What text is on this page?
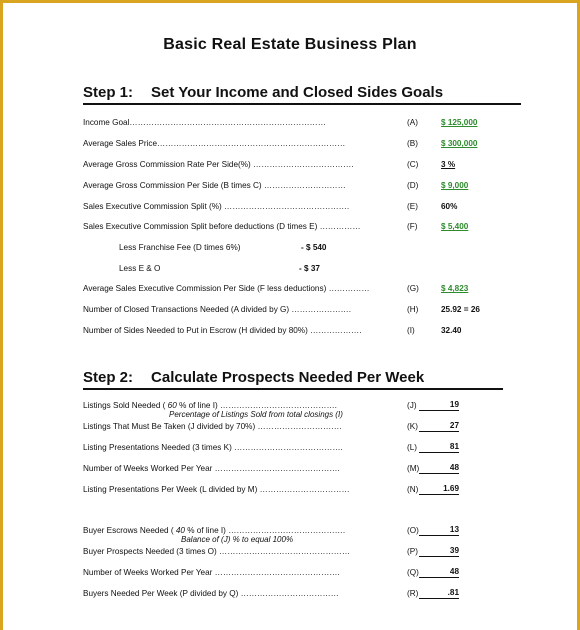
Basic Real Estate Business Plan
Step 1: Set Your Income and Closed Sides Goals
Income Goal………………………………………………………………	(A)	$ 125,000
Average Sales Price……………………………………………………………	(B)	$ 300,000
Average Gross Commission Rate Per Side(%) ……………………………….	(C)	3 %
Average Gross Commission Per Side (B times C) …………………………	(D)	$ 9,000
Sales Executive Commission Split (%) ……………………………………….	(E)	60%
Sales Executive Commission Split before deductions (D times E) ……………	(F)	$ 5,400
Less Franchise Fee (D times 6%)	- $ 540
Less E & O	- $ 37
Average Sales Executive Commission Per Side (F less deductions) ……………	(G)	$ 4,823
Number of Closed Transactions Needed (A divided by G) ………………….	(H)	25.92 = 26
Number of Sides Needed to Put in Escrow (H divided by 80%) ……………….	(I)	32.40
Step 2: Calculate Prospects Needed Per Week
Listings Sold Needed ( 60 % of line I) …………………………………….	(J)	19
Percentage of Listings Sold from total closings (I)
Listings That Must Be Taken (J divided by 70%) ………………………….	(K)	27
Listing Presentations Needed (3 times K) ………………………………….	(L)	81
Number of Weeks Worked Per Year ……………………………………….	(M)	48
Listing Presentations Per Week (L divided by M) ……………………………	(N)	1.69
Buyer Escrows Needed ( 40 % of line I) …………………………………….	(O)	13
Balance of (J) % to equal 100%
Buyer Prospects Needed (3 times O) …………………………………………	(P)	39
Number of Weeks Worked Per Year ……………………………………….	(Q)	48
Buyers Needed Per Week (P divided by Q) ………………………………	(R)	.81
